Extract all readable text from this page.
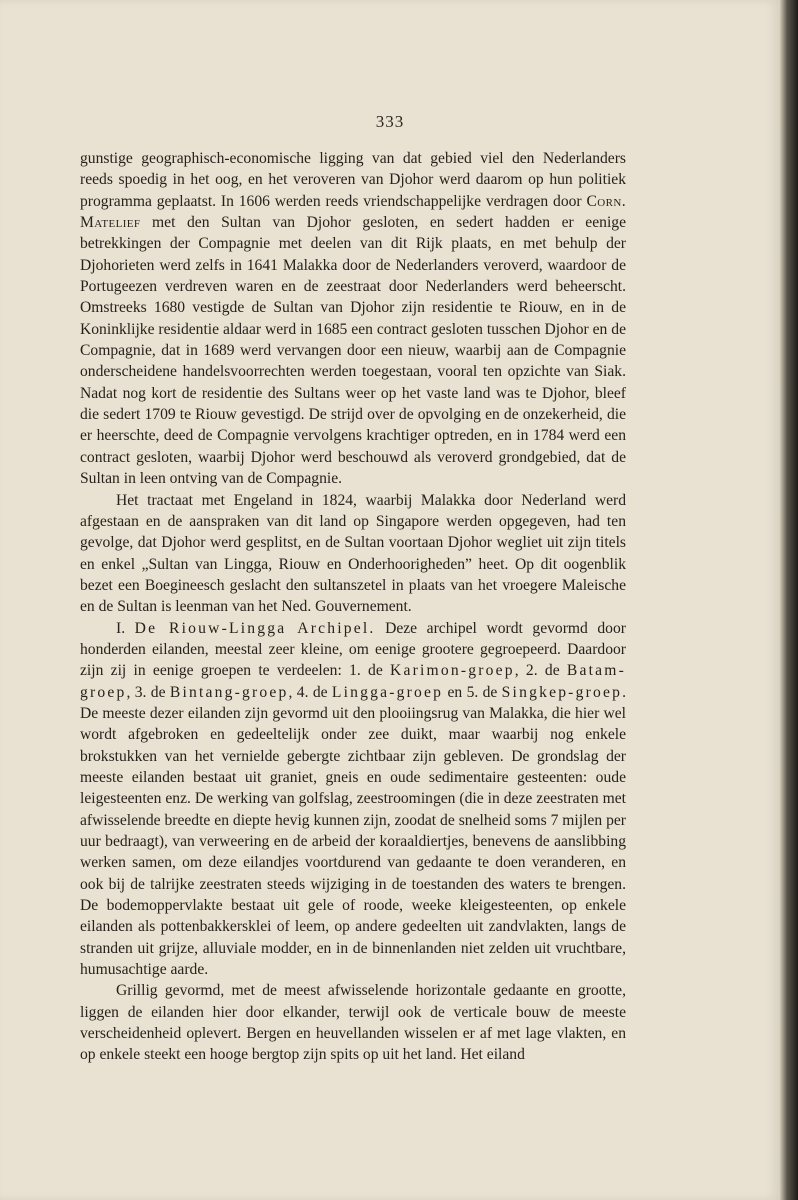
333

gunstige geographisch-economische ligging van dat gebied viel den Nederlanders reeds spoedig in het oog, en het veroveren van Djohor werd daarom op hun politiek programma geplaatst. In 1606 werden reeds vriendschappelijke verdragen door Corn. Matelief met den Sultan van Djohor gesloten, en sedert hadden er eenige betrekkingen der Compagnie met deelen van dit Rijk plaats, en met behulp der Djohorieten werd zelfs in 1641 Malakka door de Nederlanders veroverd, waardoor de Portugeezen verdreven waren en de zeestraat door Nederlanders werd beheerscht. Omstreeks 1680 vestigde de Sultan van Djohor zijn residentie te Riouw, en in de Koninklijke residentie aldaar werd in 1685 een contract gesloten tusschen Djohor en de Compagnie, dat in 1689 werd vervangen door een nieuw, waarbij aan de Compagnie onderscheidene handelsvoorrechten werden toegestaan, vooral ten opzichte van Siak. Nadat nog kort de residentie des Sultans weer op het vaste land was te Djohor, bleef die sedert 1709 te Riouw gevestigd. De strijd over de opvolging en de onzekerheid, die er heerschte, deed de Compagnie vervolgens krachtiger optreden, en in 1784 werd een contract gesloten, waarbij Djohor werd beschouwd als veroverd grondgebied, dat de Sultan in leen ontving van de Compagnie.

Het tractaat met Engeland in 1824, waarbij Malakka door Nederland werd afgestaan en de aanspraken van dit land op Singapore werden opgegeven, had ten gevolge, dat Djohor werd gesplitst, en de Sultan voortaan Djohor wegliet uit zijn titels en enkel „Sultan van Lingga, Riouw en Onderhoorigheden” heet. Op dit oogenblik bezet een Boegineesch geslacht den sultanszetel in plaats van het vroegere Maleische en de Sultan is leenman van het Ned. Gouvernement.

I. De Riouw-Lingga Archipel. Deze archipel wordt gevormd door honderden eilanden, meestal zeer kleine, om eenige grootere gegroepeerd. Daardoor zijn zij in eenige groepen te verdeelen: 1. de Karimon-groep, 2. de Batam-groep, 3. de Bintang-groep, 4. de Lingga-groep en 5. de Singkep-groep. De meeste dezer eilanden zijn gevormd uit den plooiingsrug van Malakka, die hier wel wordt afgebroken en gedeeltelijk onder zee duikt, maar waarbij nog enkele brokstukken van het vernielde gebergte zichtbaar zijn gebleven. De grondslag der meeste eilanden bestaat uit graniet, gneis en oude sedimentaire gesteenten: oude leigesteenten enz. De werking van golfslag, zeestroomingen (die in deze zeestraten met afwisselende breedte en diepte hevig kunnen zijn, zoodat de snelheid soms 7 mijlen per uur bedraagt), van verweering en de arbeid der koraaldiertjes, benevens de aanslibbing werken samen, om deze eilandjes voortdurend van gedaante te doen veranderen, en ook bij de talrijke zeestraten steeds wijziging in de toestanden des waters te brengen. De bodemoppervlakte bestaat uit gele of roode, weeke kleigesteenten, op enkele eilanden als pottenbakkersklei of leem, op andere gedeelten uit zandvlakten, langs de stranden uit grijze, alluviale modder, en in de binnenlanden niet zelden uit vruchtbare, humusachtige aarde.

Grillig gevormd, met de meest afwisselende horizontale gedaante en grootte, liggen de eilanden hier door elkander, terwijl ook de verticale bouw de meeste verscheidenheid oplevert. Bergen en heuvellanden wisselen er af met lage vlakten, en op enkele steekt een hooge bergtop zijn spits op uit het land. Het eiland
